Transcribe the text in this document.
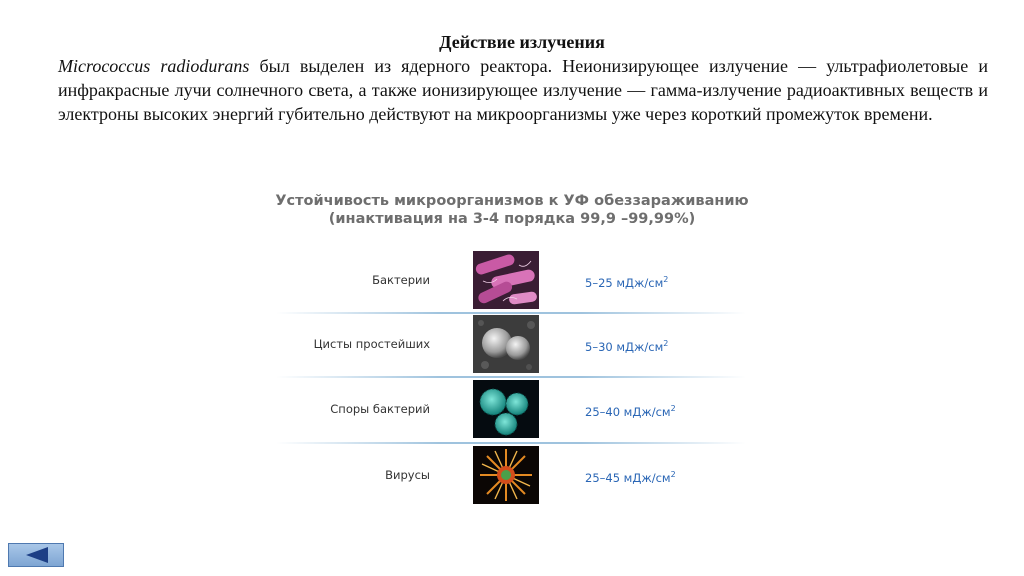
Действие излучения
Micrococcus radiodurans был выделен из ядерного реактора. Неионизирующее излучение — ультрафиолетовые и инфракрасные лучи солнечного света, а также ионизирующее излучение — гамма-излучение радиоактивных веществ и электроны высоких энергий губительно действуют на микроорганизмы уже через короткий промежуток времени.
Устойчивость микроорганизмов к УФ обеззараживанию
(инактивация на 3-4 порядка 99,9 –99,99%)
Бактерии	5–25 мДж/$см^2$
Цисты простейших	5–30 мДж/$см^2$
Споры бактерий	25–40 мДж/$см^2$
Вирусы	25–45 мДж/$см^2$
